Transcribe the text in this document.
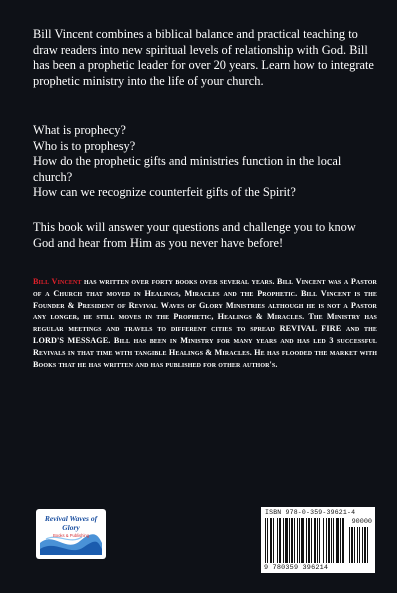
Bill Vincent combines a biblical balance and practical teaching to draw readers into new spiritual levels of relationship with God. Bill has been a prophetic leader for over 20 years. Learn how to integrate prophetic ministry into the life of your church.

What is prophecy?
Who is to prophesy?
How do the prophetic gifts and ministries function in the local church?
How can we recognize counterfeit gifts of the Spirit?
This book will answer your questions and challenge you to know God and hear from Him as you never have before!
Bill Vincent has written over forty books over several years. Bill Vincent was a Pastor of a Church that moved in Healings, Miracles and the Prophetic. Bill Vincent is the Founder & President of Revival Waves of Glory Ministries although he is not a Pastor any longer, he still moves in the Prophetic, Healings & Miracles. The Ministry has regular meetings and travels to different cities to spread REVIVAL FIRE and the LORD'S MESSAGE. Bill has been in Ministry for many years and has led 3 successful Revivals in that time with tangible Healings & Miracles. He has flooded the market with Books that he has written and has published for other author's.
Revival Waves of Glory
Books & Publishing
ISBN 978-0-359-39621-4
90000
9 780359 396214
